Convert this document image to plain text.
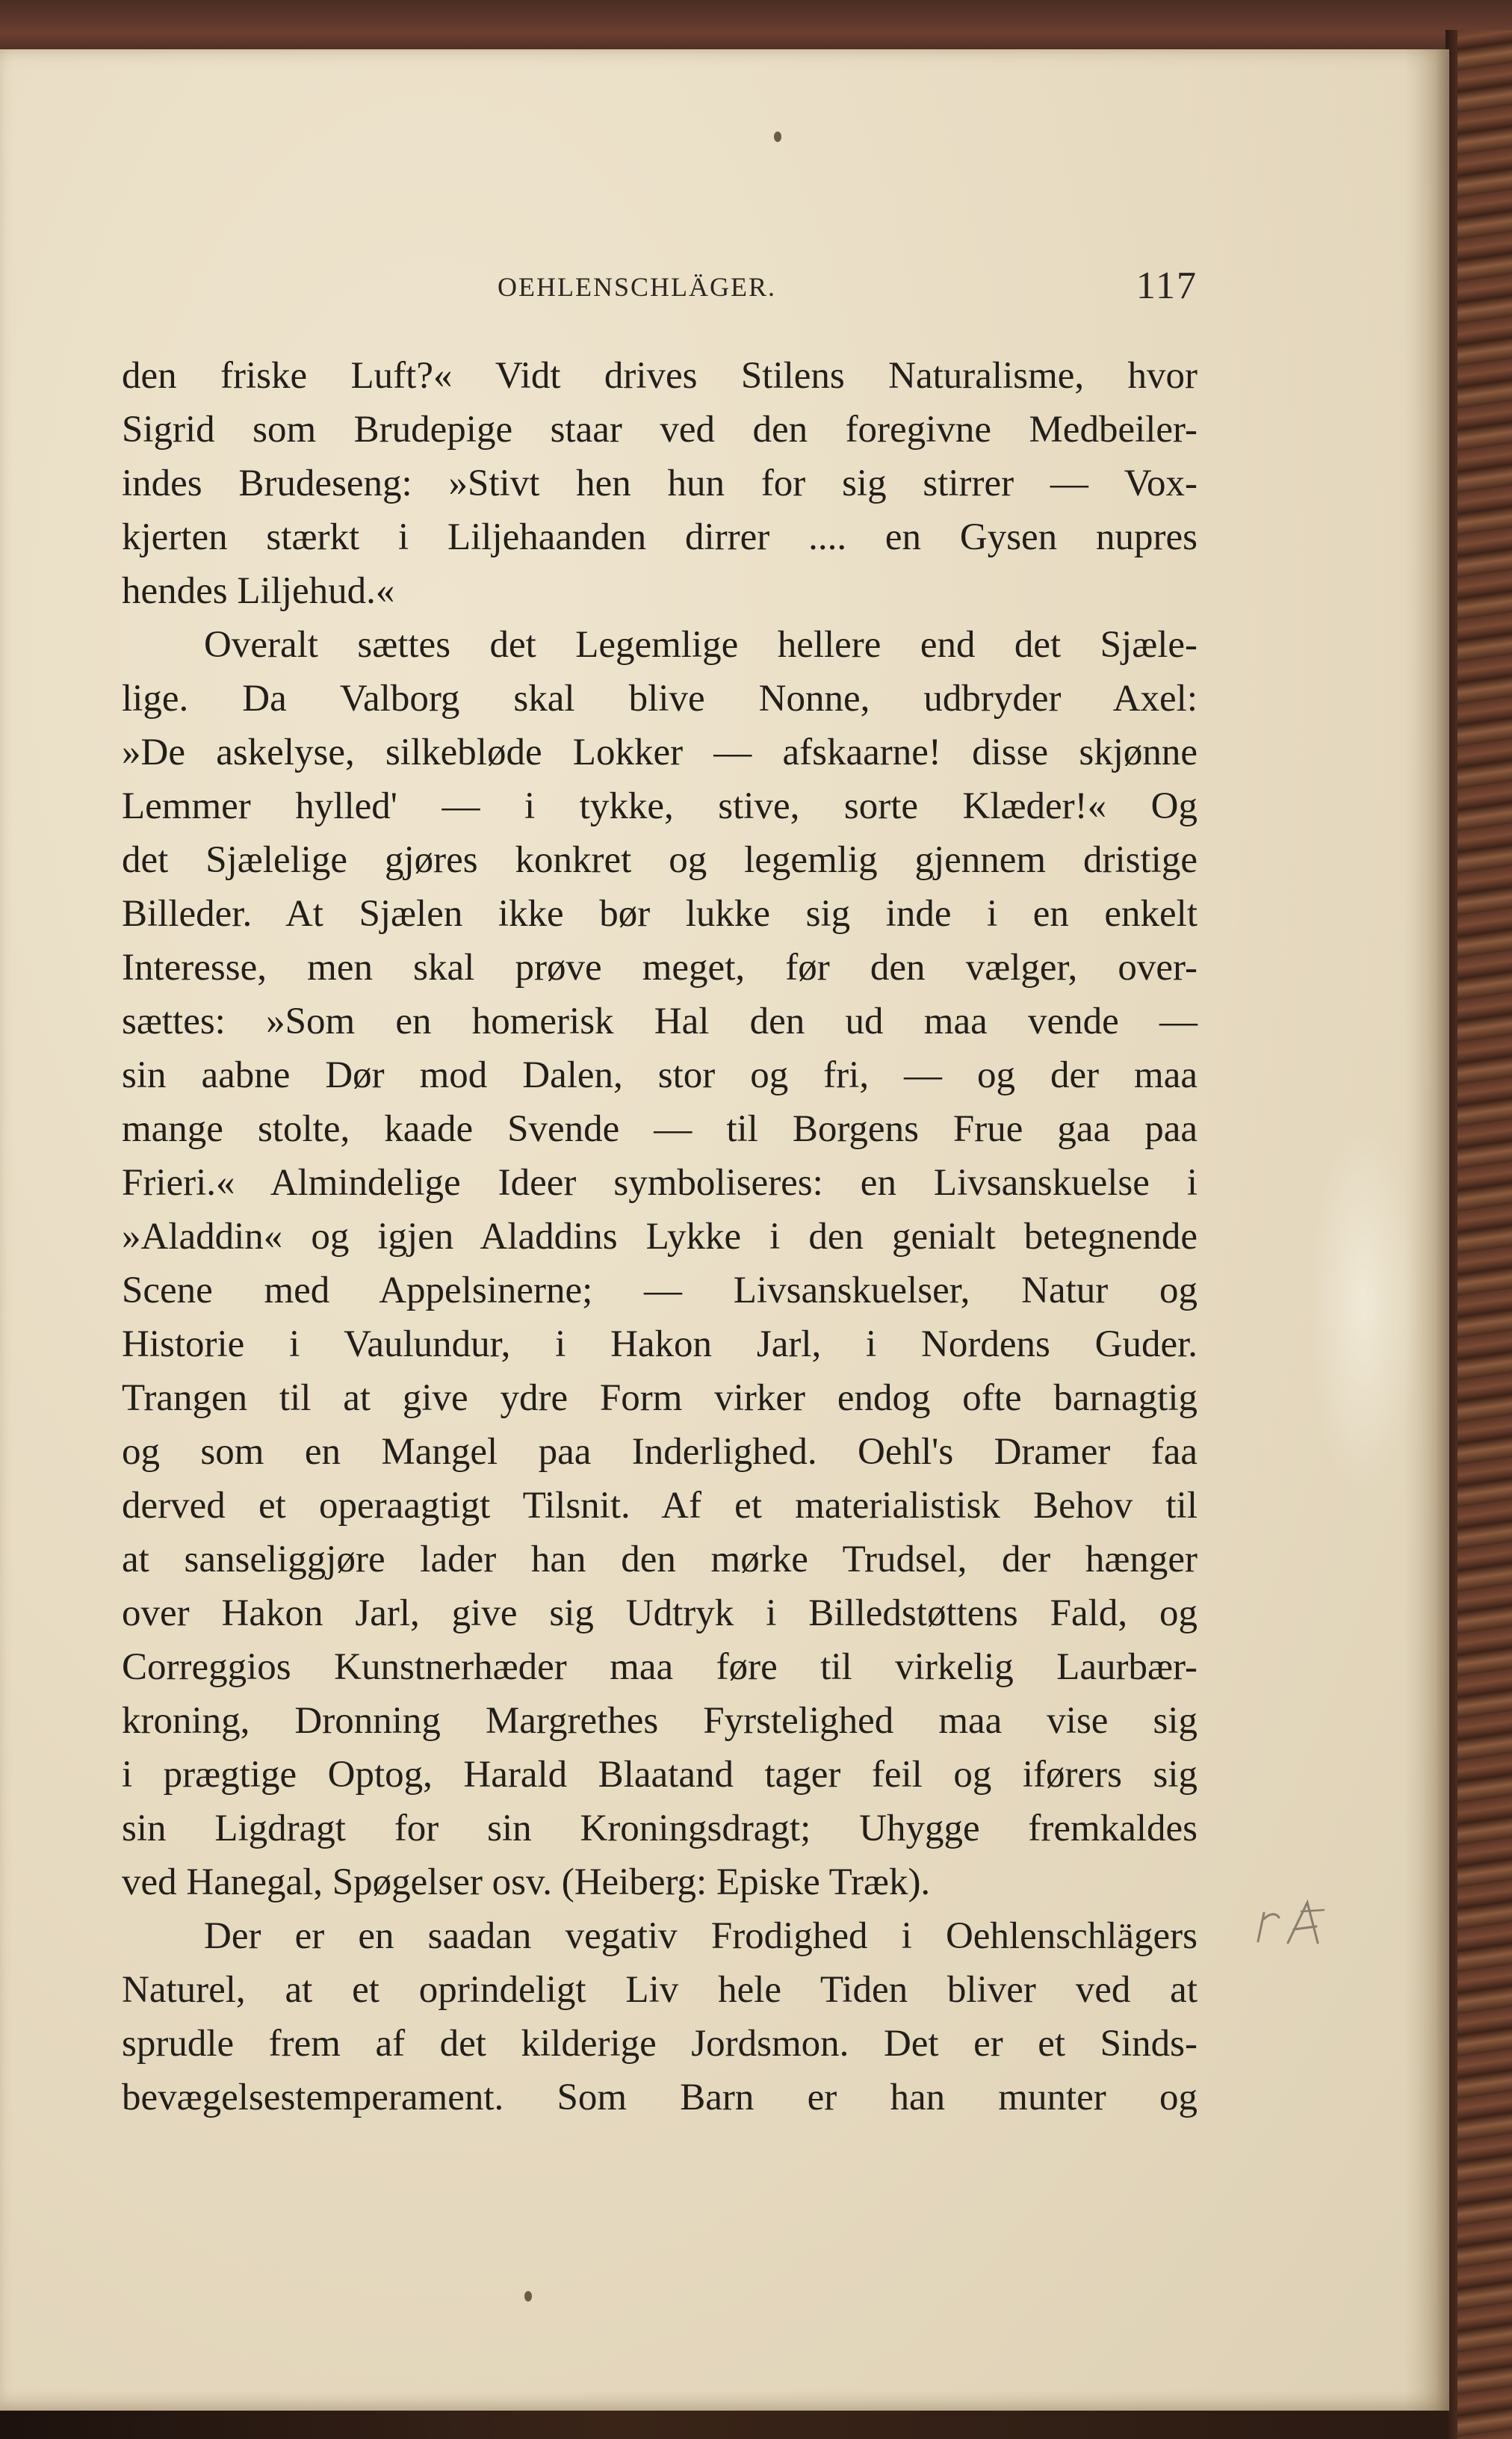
OEHLENSCHLÄGER.	117
den friske Luft?« Vidt drives Stilens Naturalisme, hvor
Sigrid som Brudepige staar ved den foregivne Medbeiler-
indes Brudeseng: »Stivt hen hun for sig stirrer — Vox-
kjerten stærkt i Liljehaanden dirrer .... en Gysen nupres
hendes Liljehud.«
Overalt sættes det Legemlige hellere end det Sjæle-
lige. Da Valborg skal blive Nonne, udbryder Axel:
»De askelyse, silkebløde Lokker — afskaarne! disse skjønne
Lemmer hylled' — i tykke, stive, sorte Klæder!« Og
det Sjælelige gjøres konkret og legemlig gjennem dristige
Billeder. At Sjælen ikke bør lukke sig inde i en enkelt
Interesse, men skal prøve meget, før den vælger, over-
sættes: »Som en homerisk Hal den ud maa vende —
sin aabne Dør mod Dalen, stor og fri, — og der maa
mange stolte, kaade Svende — til Borgens Frue gaa paa
Frieri.« Almindelige Ideer symboliseres: en Livsanskuelse i
»Aladdin« og igjen Aladdins Lykke i den genialt betegnende
Scene med Appelsinerne; — Livsanskuelser, Natur og
Historie i Vaulundur, i Hakon Jarl, i Nordens Guder.
Trangen til at give ydre Form virker endog ofte barnagtig
og som en Mangel paa Inderlighed. Oehl's Dramer faa
derved et operaagtigt Tilsnit. Af et materialistisk Behov til
at sanseliggjøre lader han den mørke Trudsel, der hænger
over Hakon Jarl, give sig Udtryk i Billedstøttens Fald, og
Correggios Kunstnerhæder maa føre til virkelig Laurbær-
kroning, Dronning Margrethes Fyrstelighed maa vise sig
i prægtige Optog, Harald Blaatand tager feil og iførers sig
sin Ligdragt for sin Kroningsdragt; Uhygge fremkaldes
ved Hanegal, Spøgelser osv. (Heiberg: Episke Træk).
Der er en saadan vegativ Frodighed i Oehlenschlägers
Naturel, at et oprindeligt Liv hele Tiden bliver ved at
sprudle frem af det kilderige Jordsmon. Det er et Sinds-
bevægelsestemperament. Som Barn er han munter og
